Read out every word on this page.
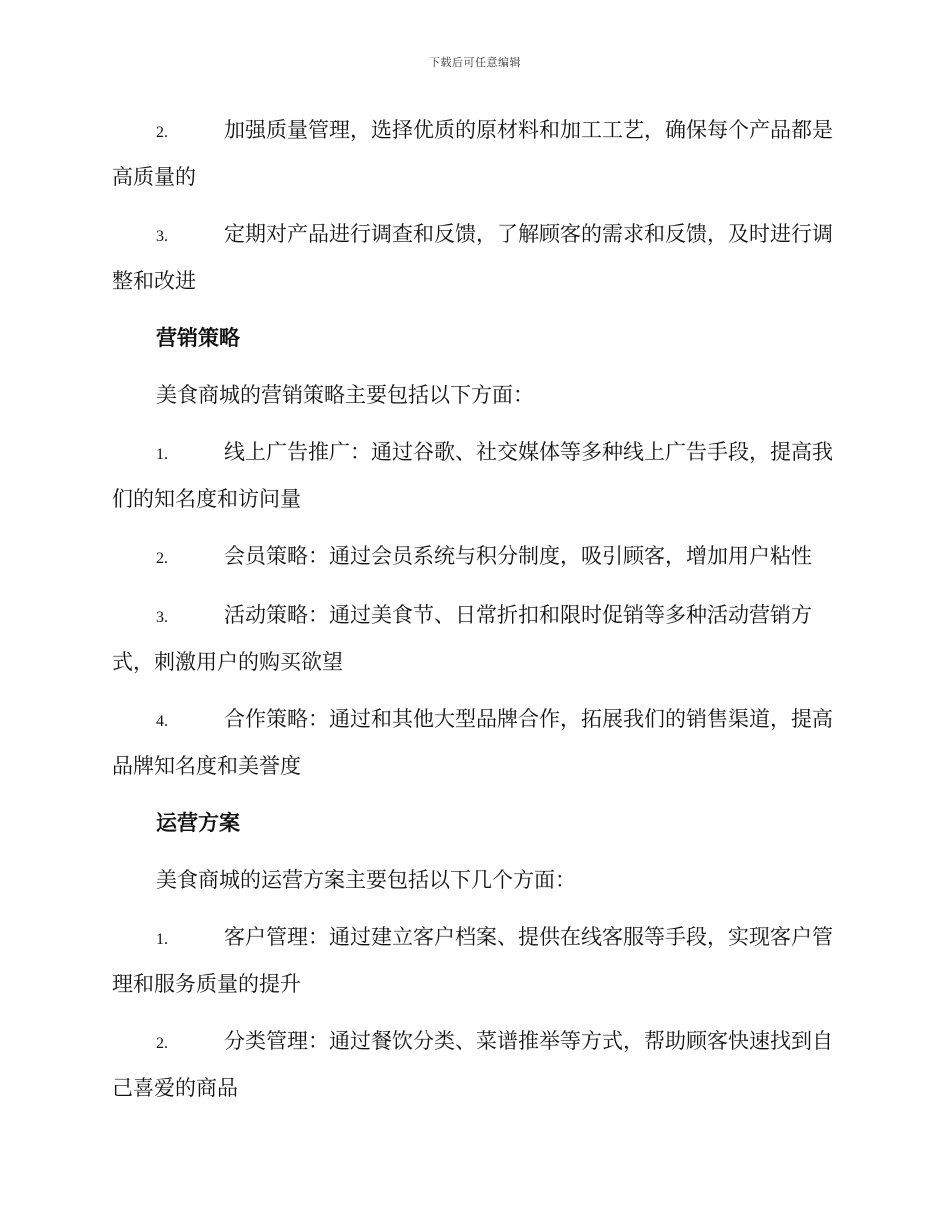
下载后可任意编辑
2.	加强质量管理，选择优质的原材料和加工工艺，确保每个产品都是高质量的
3.	定期对产品进行调查和反馈，了解顾客的需求和反馈，及时进行调整和改进
营销策略
美食商城的营销策略主要包括以下方面：
1.	线上广告推广：通过谷歌、社交媒体等多种线上广告手段，提高我们的知名度和访问量
2.	会员策略：通过会员系统与积分制度，吸引顾客，增加用户粘性
3.	活动策略：通过美食节、日常折扣和限时促销等多种活动营销方式，刺激用户的购买欲望
4.	合作策略：通过和其他大型品牌合作，拓展我们的销售渠道，提高品牌知名度和美誉度
运营方案
美食商城的运营方案主要包括以下几个方面：
1.	客户管理：通过建立客户档案、提供在线客服等手段，实现客户管理和服务质量的提升
2.	分类管理：通过餐饮分类、菜谱推举等方式，帮助顾客快速找到自己喜爱的商品
